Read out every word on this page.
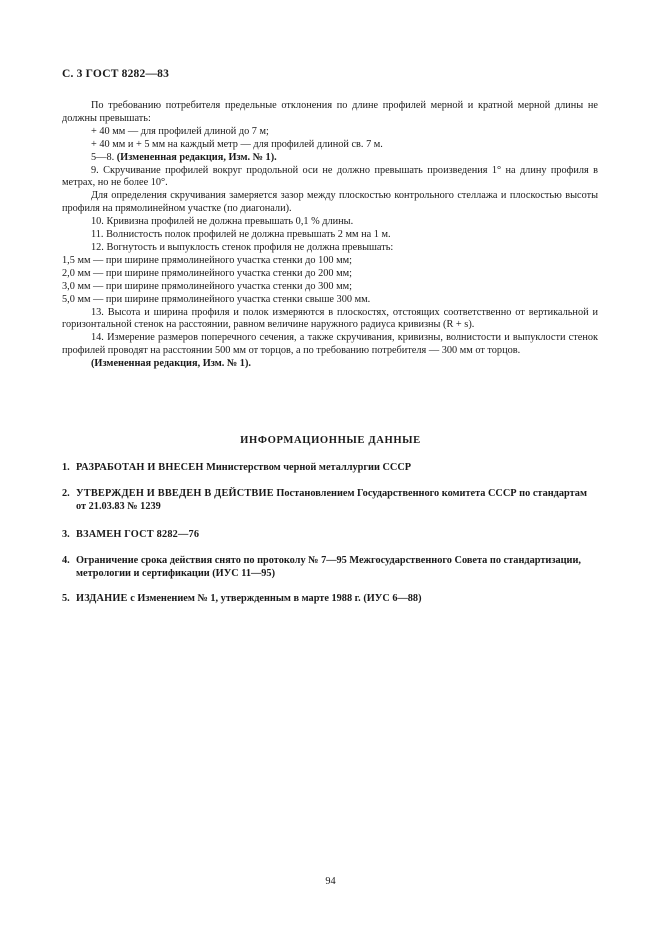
С. 3 ГОСТ 8282—83

По требованию потребителя предельные отклонения по длине профилей мерной и кратной мерной длины не должны превышать:

+ 40 мм — для профилей длиной до 7 м;

+ 40 мм и + 5 мм на каждый метр — для профилей длиной св. 7 м.

5—8. (Измененная редакция, Изм. № 1).

9. Скручивание профилей вокруг продольной оси не должно превышать произведения 1° на длину профиля в метрах, но не более 10°.

Для определения скручивания замеряется зазор между плоскостью контрольного стеллажа и плоскостью высоты профиля на прямолинейном участке (по диагонали).

10. Кривизна профилей не должна превышать 0,1 % длины.

11. Волнистость полок профилей не должна превышать 2 мм на 1 м.

12. Вогнутость и выпуклость стенок профиля не должна превышать:

1,5 мм — при ширине прямолинейного участка стенки до 100 мм;

2,0 мм — при ширине прямолинейного участка стенки до 200 мм;

3,0 мм — при ширине прямолинейного участка стенки до 300 мм;

5,0 мм — при ширине прямолинейного участка стенки свыше 300 мм.

13. Высота и ширина профиля и полок измеряются в плоскостях, отстоящих соответственно от вертикальной и горизонтальной стенок на расстоянии, равном величине наружного радиуса кривизны (R + s).

14. Измерение размеров поперечного сечения, а также скручивания, кривизны, волнистости и выпуклости стенок профилей проводят на расстоянии 500 мм от торцов, а по требованию потребителя — 300 мм от торцов.

(Измененная редакция, Изм. № 1).

ИНФОРМАЦИОННЫЕ ДАННЫЕ
1. РАЗРАБОТАН И ВНЕСЕН Министерством черной металлургии СССР
2. УТВЕРЖДЕН И ВВЕДЕН В ДЕЙСТВИЕ Постановлением Государственного комитета СССР по стандартам от 21.03.83 № 1239
3. ВЗАМЕН ГОСТ 8282—76
4. Ограничение срока действия снято по протоколу № 7—95 Межгосударственного Совета по стандартизации, метрологии и сертификации (ИУС 11—95)
5. ИЗДАНИЕ с Изменением № 1, утвержденным в марте 1988 г. (ИУС 6—88)
94
